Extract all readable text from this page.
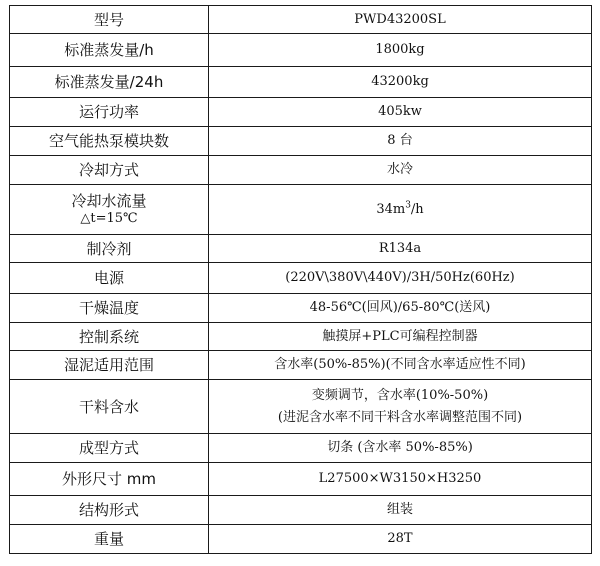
型号	PWD43200SL
标准蒸发量/h	1800kg
标准蒸发量/24h	43200kg
运行功率	405kw
空气能热泵模块数	8 台
冷却方式	水冷

冷却水流量
△t=15℃	$34m^3/h$
制冷剂	R134a
电源	(220V\380V\440V)/3H/50Hz(60Hz)
干燥温度	48-56℃(回风)/65-80℃(送风)
控制系统	触摸屏+PLC可编程控制器
湿泥适用范围	含水率(50%-85%)(不同含水率适应性不同)
干料含水	变频调节，含水率(10%-50%)
(进泥含水率不同干料含水率调整范围不同)

成型方式	切条 (含水率 50%-85%)
外形尺寸 mm	L27500×W3150×H3250
结构形式	组装
重量	28T
